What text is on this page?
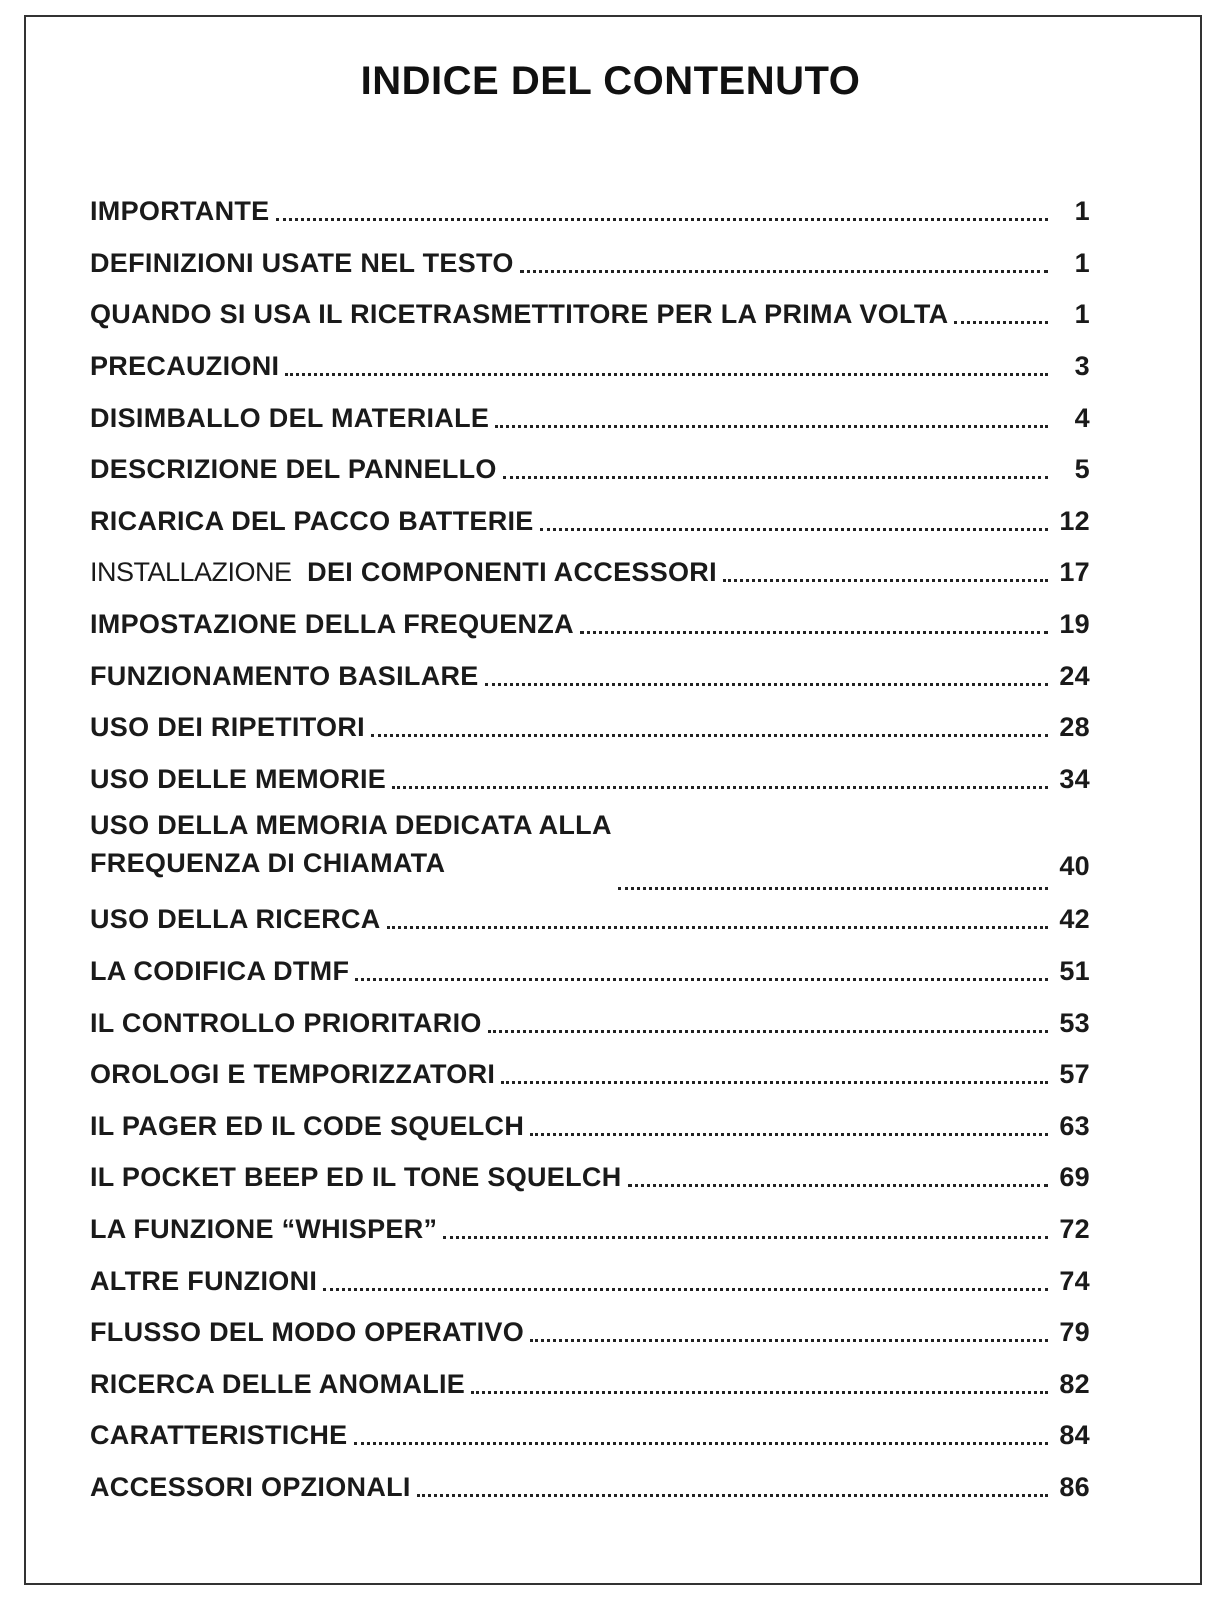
INDICE DEL CONTENUTO
IMPORTANTE	1
DEFINIZIONI USATE NEL TESTO	1
QUANDO SI USA IL RICETRASMETTITORE PER LA PRIMA VOLTA	1
PRECAUZIONI	3
DISIMBALLO DEL MATERIALE	4
DESCRIZIONE DEL PANNELLO	5
RICARICA DEL PACCO BATTERIE	12
INSTALLAZIONE DEI COMPONENTI ACCESSORI	17
IMPOSTAZIONE DELLA FREQUENZA	19
FUNZIONAMENTO BASILARE	24
USO DEI RIPETITORI	28
USO DELLE MEMORIE	34
USO DELLA MEMORIA DEDICATA ALLA
FREQUENZA DI CHIAMATA	40
USO DELLA RICERCA	42
LA CODIFICA DTMF	51
IL CONTROLLO PRIORITARIO	53
OROLOGI E TEMPORIZZATORI	57
IL PAGER ED IL CODE SQUELCH	63
IL POCKET BEEP ED IL TONE SQUELCH	69
LA FUNZIONE “WHISPER”	72
ALTRE FUNZIONI	74
FLUSSO DEL MODO OPERATIVO	79
RICERCA DELLE ANOMALIE	82
CARATTERISTICHE	84
ACCESSORI OPZIONALI	86
